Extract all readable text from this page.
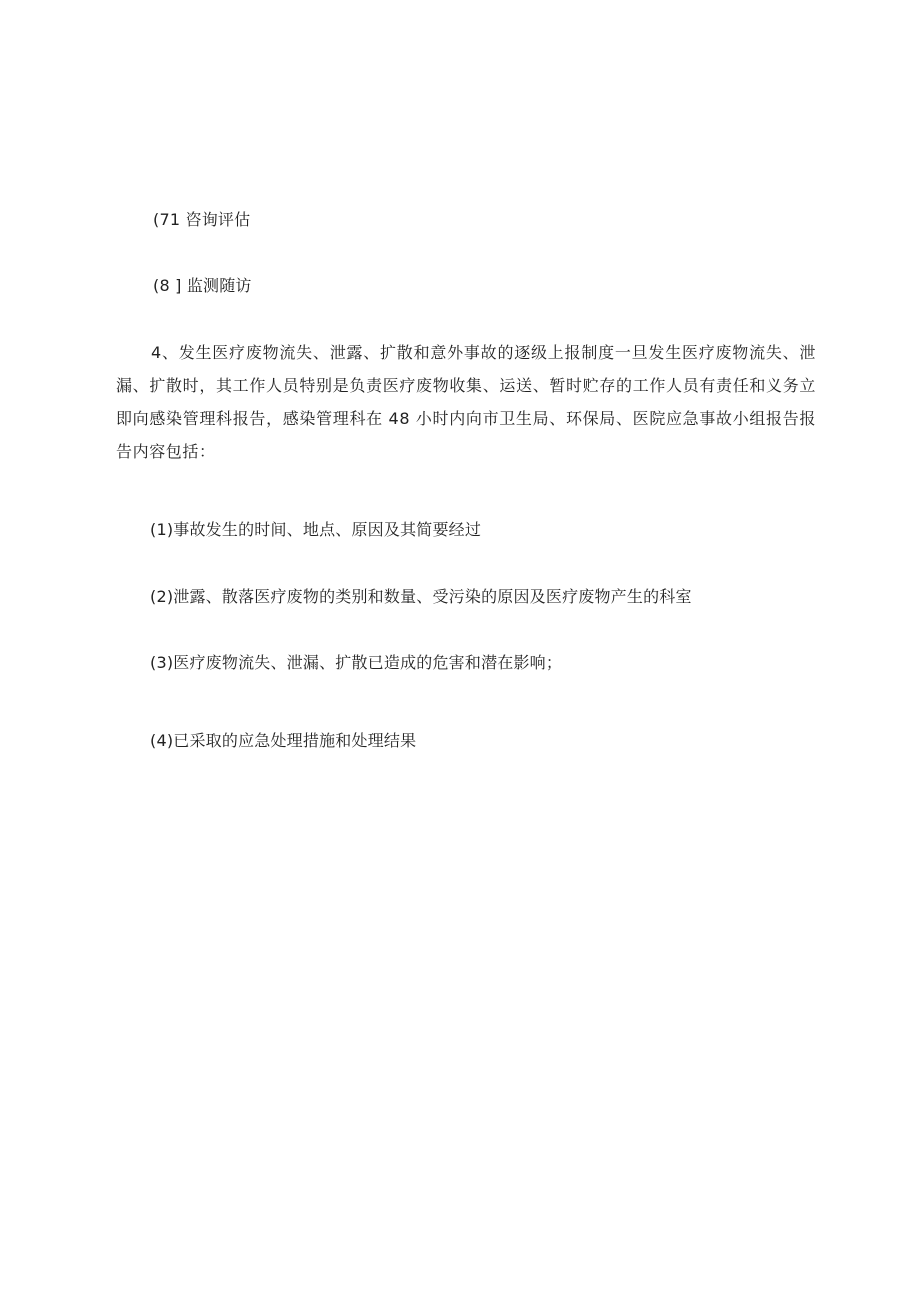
(71 咨询评估
(8 ] 监测随访
4、发生医疗废物流失、泄露、扩散和意外事故的逐级上报制度一旦发生医疗废物流失、泄漏、扩散时，其工作人员特别是负责医疗废物收集、运送、暂时贮存的工作人员有责任和义务立即向感染管理科报告，感染管理科在 48 小时内向市卫生局、环保局、医院应急事故小组报告报告内容包括：
(1)事故发生的时间、地点、原因及其简要经过
(2)泄露、散落医疗废物的类别和数量、受污染的原因及医疗废物产生的科室
(3)医疗废物流失、泄漏、扩散已造成的危害和潜在影响；
(4)已采取的应急处理措施和处理结果
